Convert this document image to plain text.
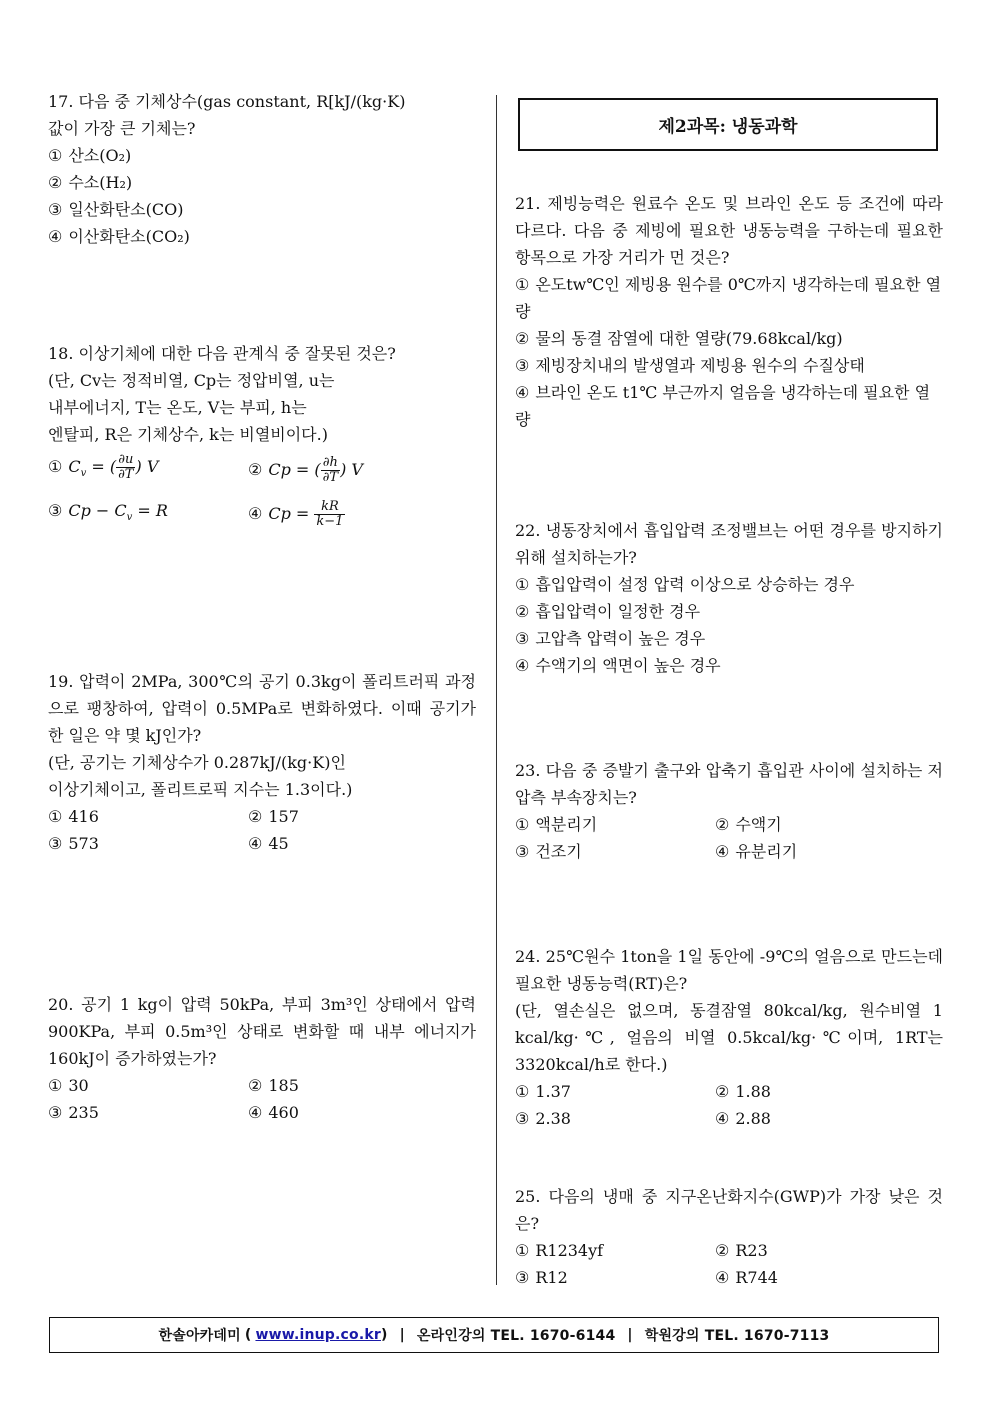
17. 다음 중 기체상수(gas constant, R[kJ/(kg·K)
값이 가장 큰 기체는?
① 산소(O₂)
② 수소(H₂)
③ 일산화탄소(CO)
④ 이산화탄소(CO₂)
18. 이상기체에 대한 다음 관계식 중 잘못된 것은?
(단, Cv는 정적비열, Cp는 정압비열, u는
내부에너지, T는 온도, V는 부피, h는
엔탈피, R은 기체상수, k는 비열비이다.)
① $C_v$ = ( $\frac{\partial u}{\partial T}$ ) V	② Cp = ( $\frac{\partial h}{\partial T}$ ) V
③ $Cp - C_v = R$	④ $Cp = \frac{kR}{k-1}$
19. 압력이 2MPa, 300℃의 공기 0.3kg이 폴리트러픽 과정으로 팽창하여, 압력이 0.5MPa로 변화하였다. 이때 공기가 한 일은 약 몇 kJ인가?
(단, 공기는 기체상수가 0.287kJ/(kg·K)인
이상기체이고, 폴리트로픽 지수는 1.3이다.)
① 416	② 157
③ 573	④ 45
20. 공기 1 kg이 압력 50kPa, 부피 3m³인 상태에서 압력 900KPa, 부피 0.5m³인 상태로 변화할 때 내부 에너지가 160kJ이 증가하였는가?
① 30	② 185
③ 235	④ 460
제2과목: 냉동과학
21. 제빙능력은 원료수 온도 및 브라인 온도 등 조건에 따라 다르다. 다음 중 제빙에 필요한 냉동능력을 구하는데 필요한 항목으로 가장 거리가 먼 것은?
① 온도tw℃인 제빙용 원수를 0℃까지 냉각하는데 필요한 열량
② 물의 동결 잠열에 대한 열량(79.68kcal/kg)
③ 제빙장치내의 발생열과 제빙용 원수의 수질상태
④ 브라인 온도 t1℃ 부근까지 얼음을 냉각하는데 필요한 열량
22. 냉동장치에서 흡입압력 조정밸브는 어떤 경우를 방지하기 위해 설치하는가?
① 흡입압력이 설정 압력 이상으로 상승하는 경우
② 흡입압력이 일정한 경우
③ 고압측 압력이 높은 경우
④ 수액기의 액면이 높은 경우
23. 다음 중 증발기 출구와 압축기 흡입관 사이에 설치하는 저압측 부속장치는?
① 액분리기	② 수액기
③ 건조기	④ 유분리기
24. 25℃원수 1ton을 1일 동안에 -9℃의 얼음으로 만드는데 필요한 냉동능력(RT)은?
(단, 열손실은 없으며, 동결잠열 80kcal/kg, 원수비열 1 kcal/kg·℃, 얼음의 비열 0.5kcal/kg·℃이며, 1RT는 3320kcal/h로 한다.)
① 1.37	② 1.88
③ 2.38	④ 2.88
25. 다음의 냉매 중 지구온난화지수(GWP)가 가장 낮은 것은?
① R1234yf	② R23
③ R12	④ R744
한솔아카데미 ( www.inup.co.kr ) | 온라인강의 TEL. 1670-6144 | 학원강의 TEL. 1670-7113
